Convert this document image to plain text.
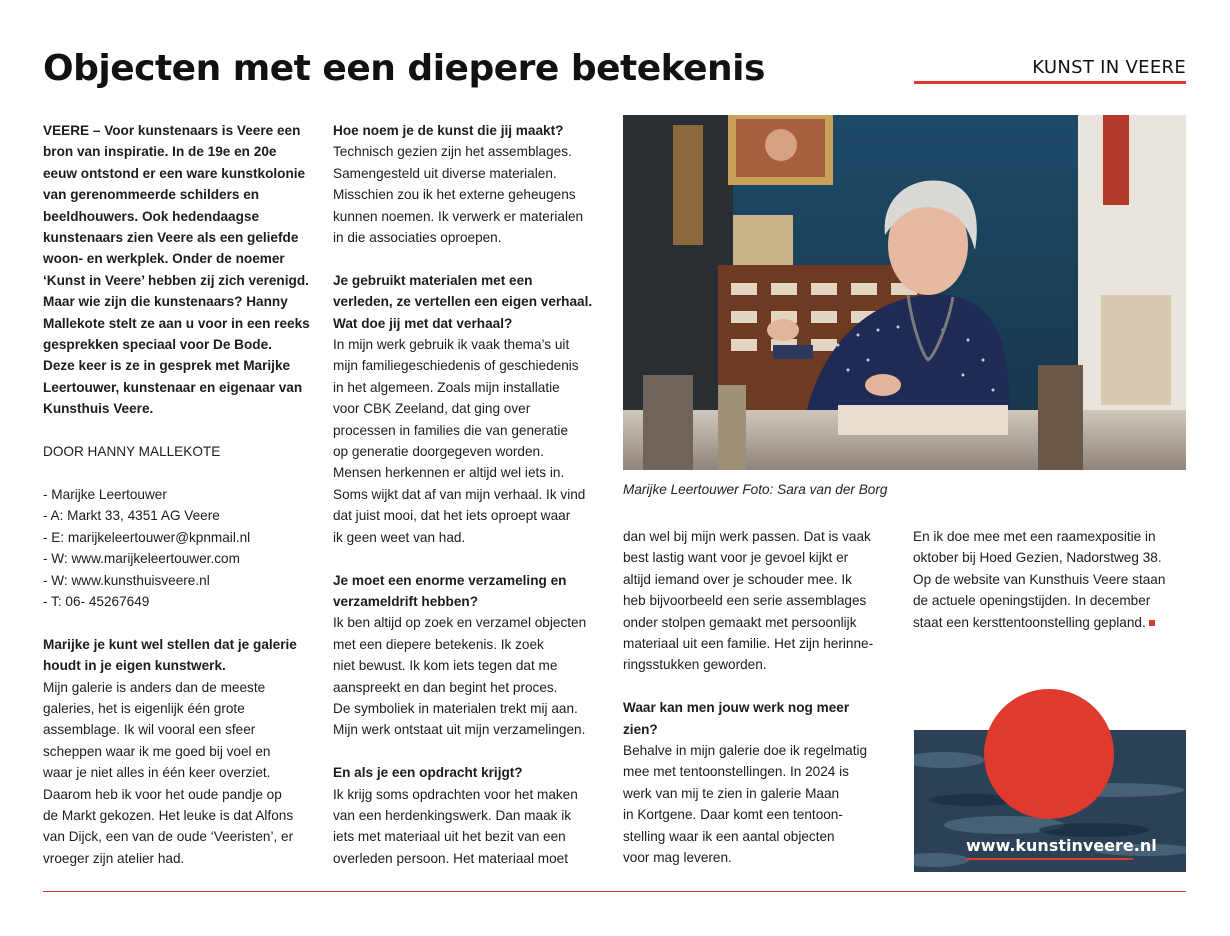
Objecten met een diepere betekenis	KUNST IN VEERE

VEERE – Voor kunstenaars is Veere een

bron van inspiratie. In de 19e en 20e

eeuw ontstond er een ware kunstkolonie

van gerenommeerde schilders en

beeldhouwers. Ook hedendaagse

kunstenaars zien Veere als een geliefde

woon- en werkplek. Onder de noemer

‘Kunst in Veere’ hebben zij zich verenigd.

Maar wie zijn die kunstenaars? Hanny

Mallekote stelt ze aan u voor in een reeks

gesprekken speciaal voor De Bode.

Deze keer is ze in gesprek met Marijke

Leertouwer, kunstenaar en eigenaar van

Kunsthuis Veere.

DOOR HANNY MALLEKOTE

- Marijke Leertouwer

- A: Markt 33, 4351 AG Veere

- E: marijkeleertouwer@kpnmail.nl

- W: www.marijkeleertouwer.com

- W: www.kunsthuisveere.nl

- T: 06- 45267649

Marijke je kunt wel stellen dat je galerie

houdt in je eigen kunstwerk.

Mijn galerie is anders dan de meeste

galeries, het is eigenlijk één grote

assemblage. Ik wil vooral een sfeer

scheppen waar ik me goed bij voel en

waar je niet alles in één keer overziet.

Daarom heb ik voor het oude pandje op

de Markt gekozen. Het leuke is dat Alfons

van Dijck, een van de oude ‘Veeristen’, er

vroeger zijn atelier had.

Hoe noem je de kunst die jij maakt?

Technisch gezien zijn het assemblages.

Samengesteld uit diverse materialen.

Misschien zou ik het externe geheugens

kunnen noemen. Ik verwerk er materialen

in die associaties oproepen.

Je gebruikt materialen met een

verleden, ze vertellen een eigen verhaal.

Wat doe jij met dat verhaal?

In mijn werk gebruik ik vaak thema’s uit

mijn familiegeschiedenis of geschiedenis

in het algemeen. Zoals mijn installatie

voor CBK Zeeland, dat ging over

processen in families die van generatie

op generatie doorgegeven worden.

Mensen herkennen er altijd wel iets in.

Soms wijkt dat af van mijn verhaal. Ik vind

dat juist mooi, dat het iets oproept waar

ik geen weet van had.

Je moet een enorme verzameling en

verzameldrift hebben?

Ik ben altijd op zoek en verzamel objecten

met een diepere betekenis. Ik zoek

niet bewust. Ik kom iets tegen dat me

aanspreekt en dan begint het proces.

De symboliek in materialen trekt mij aan.

Mijn werk ontstaat uit mijn verzamelingen.

En als je een opdracht krijgt?

Ik krijg soms opdrachten voor het maken

van een herdenkingswerk. Dan maak ik

iets met materiaal uit het bezit van een

overleden persoon. Het materiaal moet

Marijke Leertouwer Foto: Sara van der Borg

dan wel bij mijn werk passen. Dat is vaak

best lastig want voor je gevoel kijkt er

altijd iemand over je schouder mee. Ik

heb bijvoorbeeld een serie assemblages

onder stolpen gemaakt met persoonlijk

materiaal uit een familie. Het zijn herinne-

ringsstukken geworden.

Waar kan men jouw werk nog meer

zien?

Behalve in mijn galerie doe ik regelmatig

mee met tentoonstellingen. In 2024 is

werk van mij te zien in galerie Maan

in Kortgene. Daar komt een tentoon-

stelling waar ik een aantal objecten

voor mag leveren.

En ik doe mee met een raamexpositie in

oktober bij Hoed Gezien, Nadorstweg 38.

Op de website van Kunsthuis Veere staan

de actuele openingstijden. In december

staat een kersttentoonstelling gepland.

www.kunstinveere.nl
